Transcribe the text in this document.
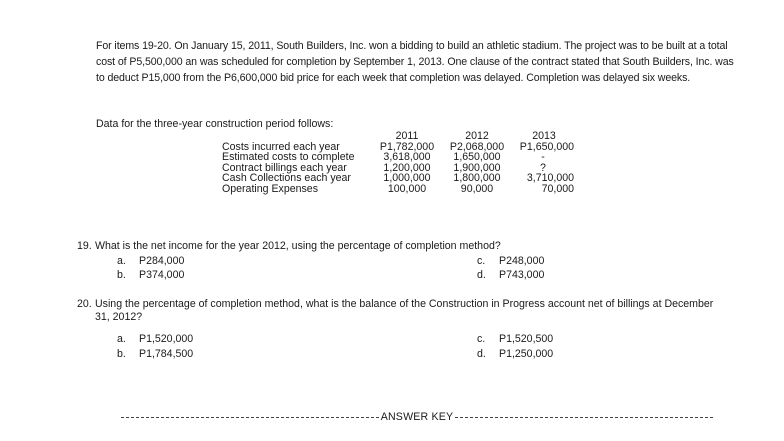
For items 19-20. On January 15, 2011, South Builders, Inc. won a bidding to build an athletic stadium. The project was to be built at a total cost of P5,500,000 an was scheduled for completion by September 1, 2013. One clause of the contract stated that South Builders, Inc. was to deduct P15,000 from the P6,600,000 bid price for each week that completion was delayed. Completion was delayed six weeks.

Data for the three-year construction period follows:
	2011	2012	2013
Costs incurred each year	P1,782,000	P2,068,000	P1,650,000
Estimated costs to complete	3,618,000	1,650,000	-
Contract billings each year	1,200,000	1,900,000	?
Cash Collections each year	1,000,000	1,800,000	3,710,000
Operating Expenses	100,000	90,000	70,000
19. What is the net income for the year 2012, using the percentage of completion method?
a. P284,000
b. P374,000
c. P248,000
d. P743,000
20. Using the percentage of completion method, what is the balance of the Construction in Progress account net of billings at December
31, 2012?
a. P1,520,000
b. P1,784,500
c. P1,520,500
d. P1,250,000
ANSWER KEY
